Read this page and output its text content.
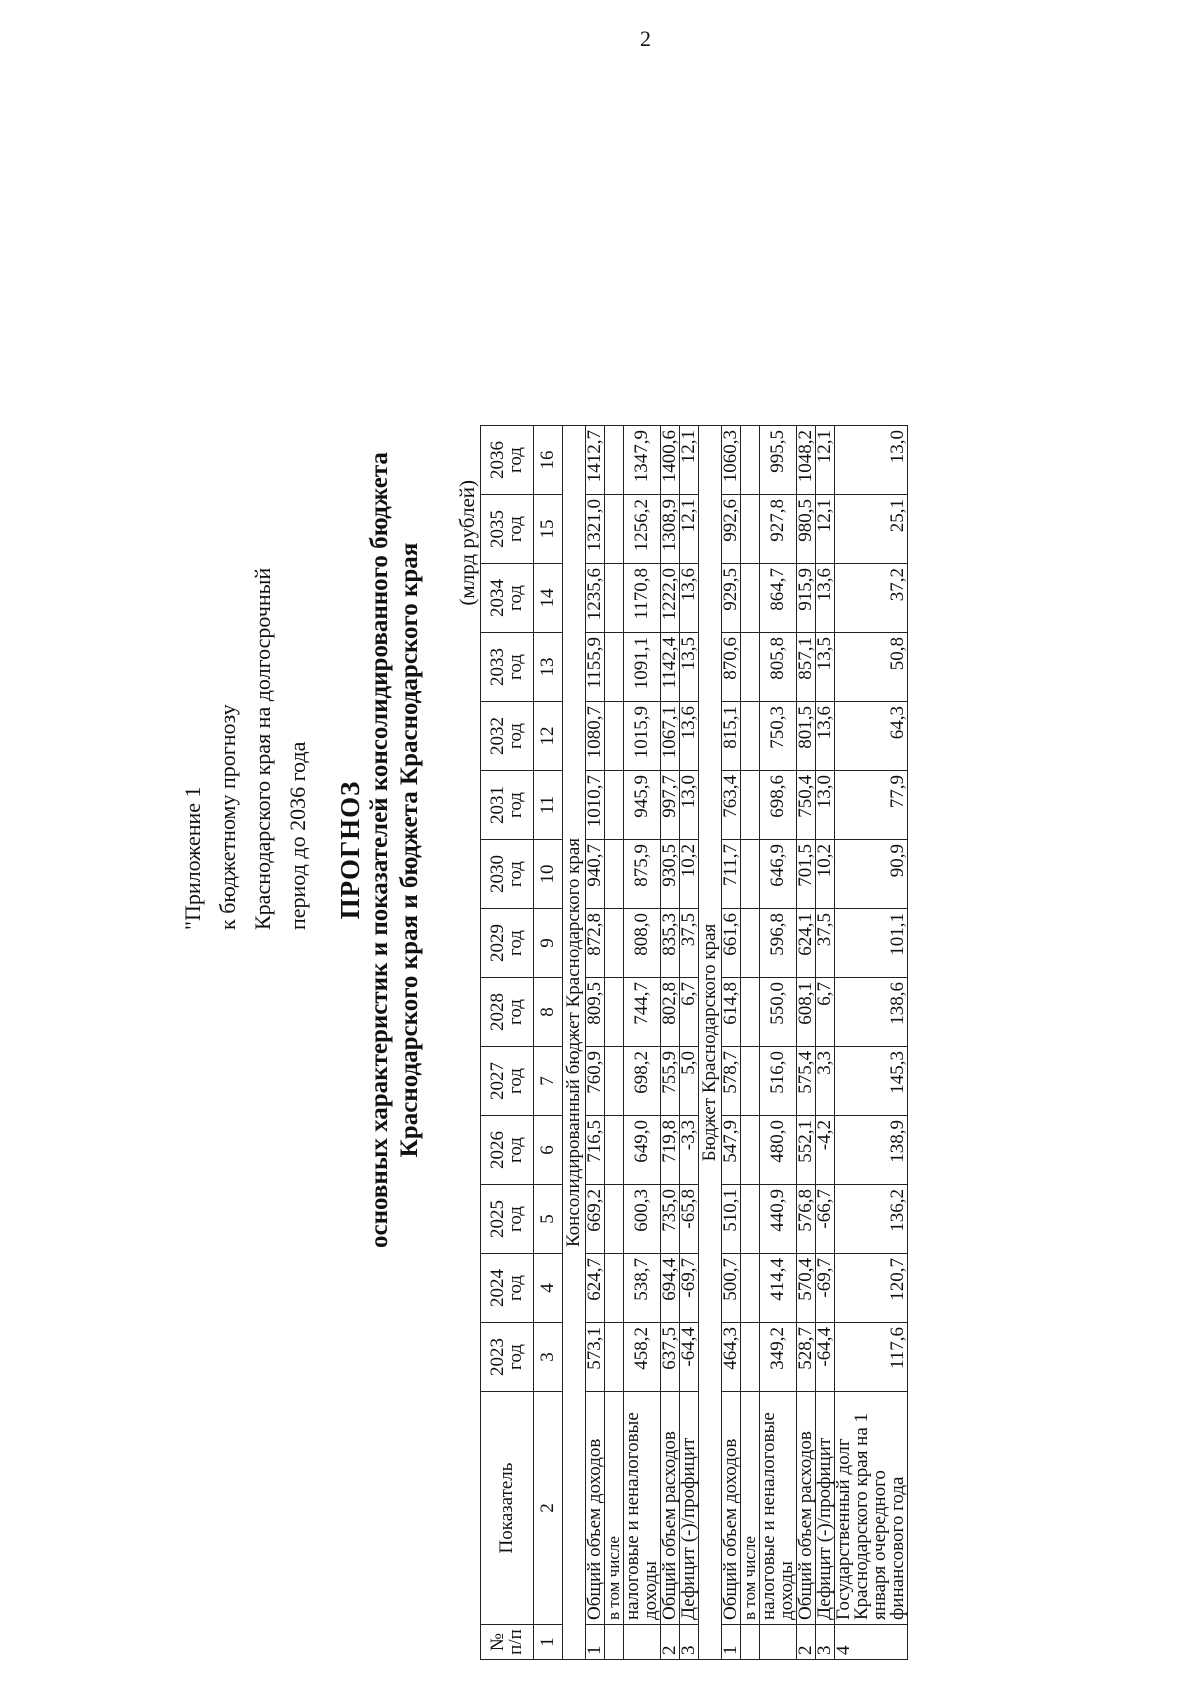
2
"Приложение 1 к бюджетному прогнозу Краснодарского края на долгосрочный период до 2036 года ПРОГНОЗ основных характеристик и показателей консолидированного бюджета Краснодарского края и бюджета Краснодарского края (млрд рублей)
№ п/п	Показатель	2023 год	2024 год	2025 год	2026 год	2027 год	2028 год	2029 год	2030 год	2031 год	2032 год	2033 год	2034 год	2035 год	2036 год
1	2	3	4	5	6	7	8	9	10	11	12	13	14	15	16
Консолидированный бюджет Краснодарского края															
1	Общий объем доходов	573,1	624,7	669,2	716,5	760,9	809,5	872,8	940,7	1010,7	1080,7	1155,9	1235,6	1321,0	1412,7
	в том числе														
	налоговые и неналоговые доходы	458,2	538,7	600,3	649,0	698,2	744,7	808,0	875,9	945,9	1015,9	1091,1	1170,8	1256,2	1347,9
2	Общий объем расходов	637,5	694,4	735,0	719,8	755,9	802,8	835,3	930,5	997,7	1067,1	1142,4	1222,0	1308,9	1400,6
3	Дефицит (-)/профицит	-64,4	-69,7	-65,8	-3,3	5,0	6,7	37,5	10,2	13,0	13,6	13,5	13,6	12,1	12,1
Бюджет Краснодарского края															
1	Общий объем доходов	464,3	500,7	510,1	547,9	578,7	614,8	661,6	711,7	763,4	815,1	870,6	929,5	992,6	1060,3
	в том числе														
	налоговые и неналоговые доходы	349,2	414,4	440,9	480,0	516,0	550,0	596,8	646,9	698,6	750,3	805,8	864,7	927,8	995,5
2	Общий объем расходов	528,7	570,4	576,8	552,1	575,4	608,1	624,1	701,5	750,4	801,5	857,1	915,9	980,5	1048,2
3	Дефицит (-)/профицит	-64,4	-69,7	-66,7	-4,2	3,3	6,7	37,5	10,2	13,0	13,6	13,5	13,6	12,1	12,1
4	Государственный долг Краснодарского края на 1 января очередного финансового года	117,6	120,7	136,2	138,9	145,3	138,6	101,1	90,9	77,9	64,3	50,8	37,2	25,1	13,0
